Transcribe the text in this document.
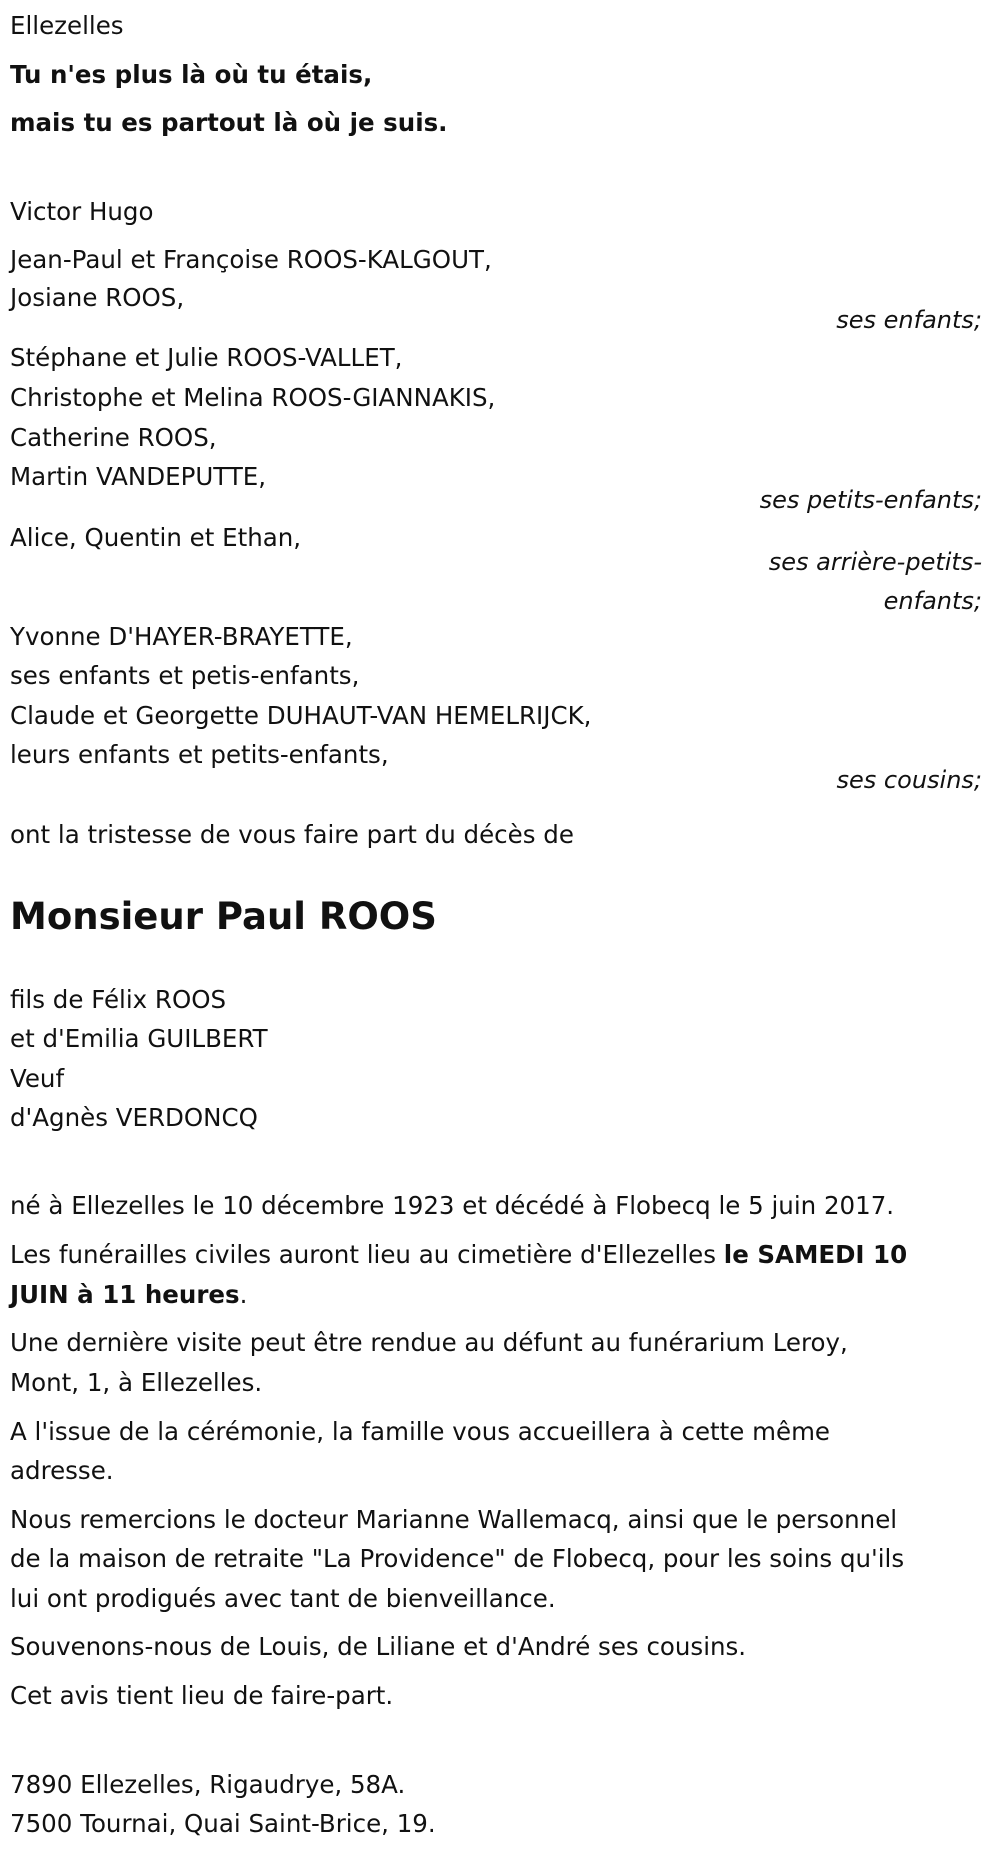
Ellezelles
Tu n'es plus là où tu étais,
mais tu es partout là où je suis.
Victor Hugo
Jean-Paul et Françoise ROOS-KALGOUT,
Josiane ROOS,
ses enfants;
Stéphane et Julie ROOS-VALLET,
Christophe et Melina ROOS-GIANNAKIS,
Catherine ROOS,
Martin VANDEPUTTE,
ses petits-enfants;
Alice, Quentin et Ethan,
ses arrière-petits-
enfants;
Yvonne D'HAYER-BRAYETTE,
ses enfants et petis-enfants,
Claude et Georgette DUHAUT-VAN HEMELRIJCK,
leurs enfants et petits-enfants,
ses cousins;
ont la tristesse de vous faire part du décès de
Monsieur Paul ROOS
fils de Félix ROOS
et d'Emilia GUILBERT
Veuf
d'Agnès VERDONCQ
né à Ellezelles le 10 décembre 1923 et décédé à Flobecq le 5 juin 2017.
Les funérailles civiles auront lieu au cimetière d'Ellezelles le SAMEDI 10
JUIN à 11 heures.
Une dernière visite peut être rendue au défunt au funérarium Leroy,
Mont, 1, à Ellezelles.
A l'issue de la cérémonie, la famille vous accueillera à cette même
adresse.
Nous remercions le docteur Marianne Wallemacq, ainsi que le personnel
de la maison de retraite "La Providence" de Flobecq, pour les soins qu'ils
lui ont prodigués avec tant de bienveillance.
Souvenons-nous de Louis, de Liliane et d'André ses cousins.
Cet avis tient lieu de faire-part.
7890 Ellezelles, Rigaudrye, 58A.
7500 Tournai, Quai Saint-Brice, 19.
